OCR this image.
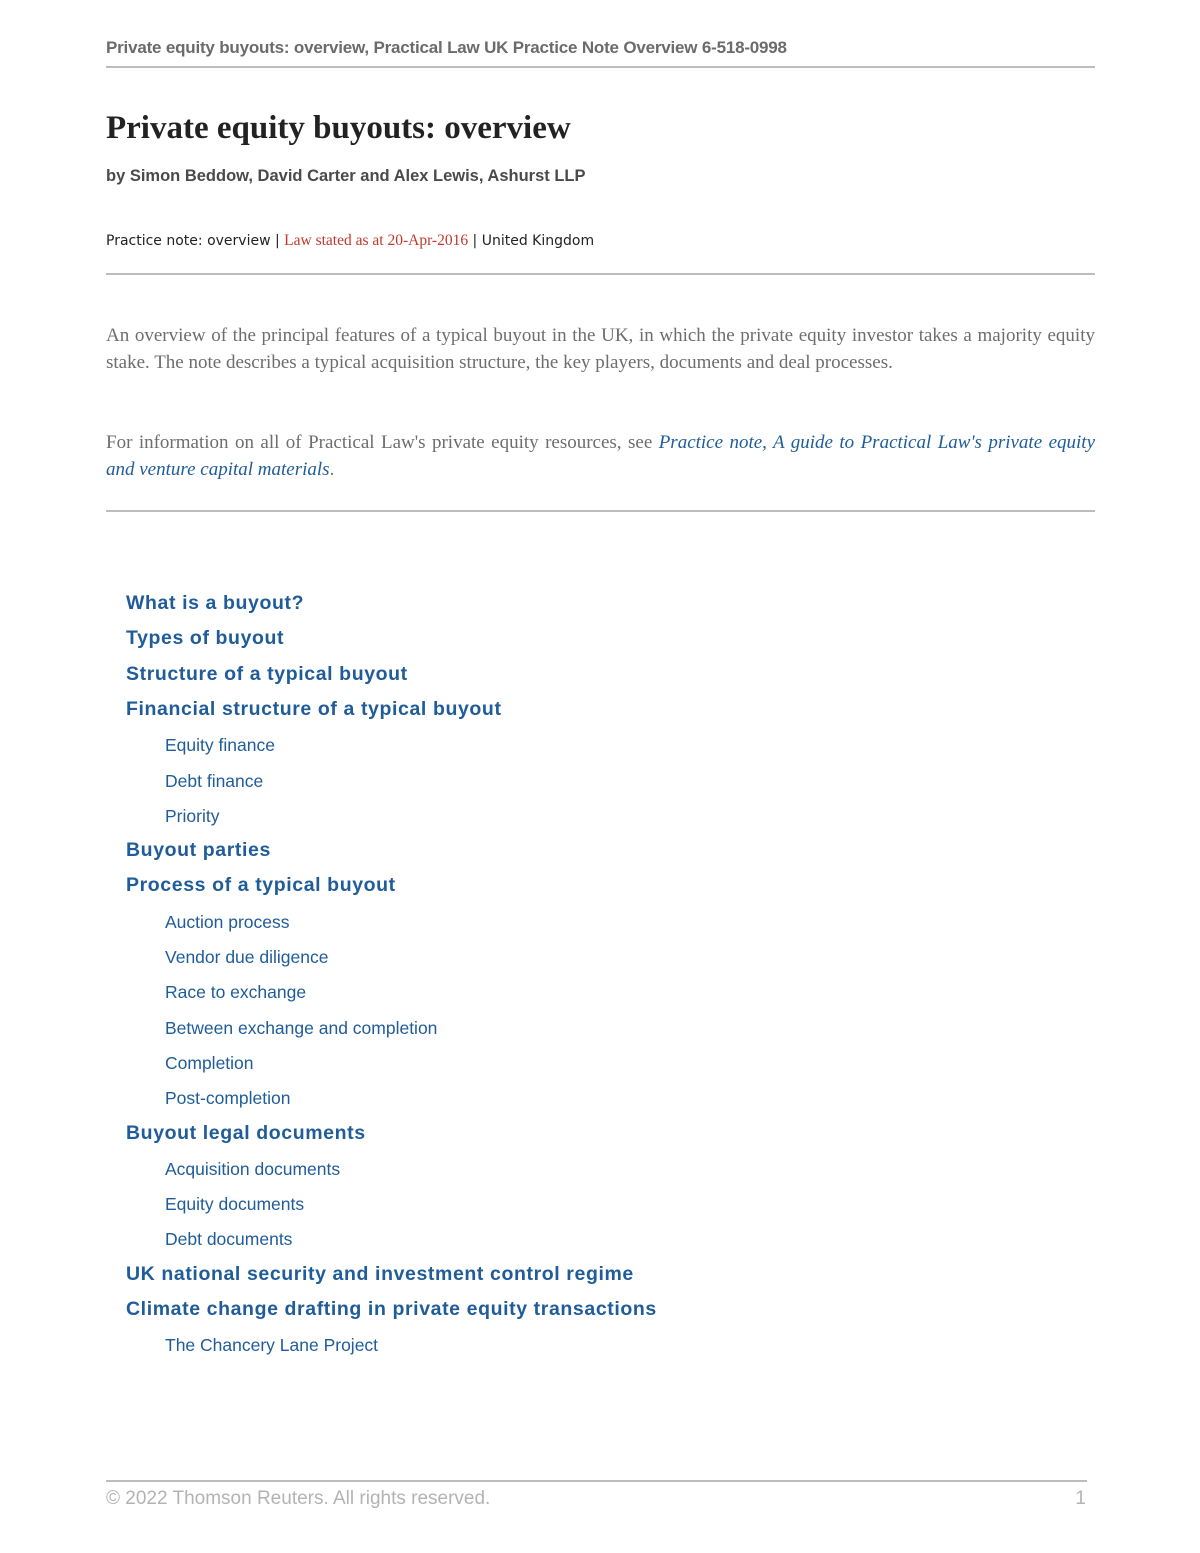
Private equity buyouts: overview, Practical Law UK Practice Note Overview 6-518-0998
Private equity buyouts: overview
by Simon Beddow, David Carter and Alex Lewis, Ashurst LLP
Practice note: overview | Law stated as at 20-Apr-2016 | United Kingdom

An overview of the principal features of a typical buyout in the UK, in which the private equity investor takes a majority equity stake. The note describes a typical acquisition structure, the key players, documents and deal processes.

For information on all of Practical Law's private equity resources, see Practice note, A guide to Practical Law's private equity and venture capital materials.

What is a buyout?
Types of buyout
Structure of a typical buyout
Financial structure of a typical buyout
Equity finance
Debt finance
Priority
Buyout parties
Process of a typical buyout
Auction process
Vendor due diligence
Race to exchange
Between exchange and completion
Completion
Post-completion
Buyout legal documents
Acquisition documents
Equity documents
Debt documents
UK national security and investment control regime
Climate change drafting in private equity transactions
The Chancery Lane Project
© 2022 Thomson Reuters. All rights reserved.	1
